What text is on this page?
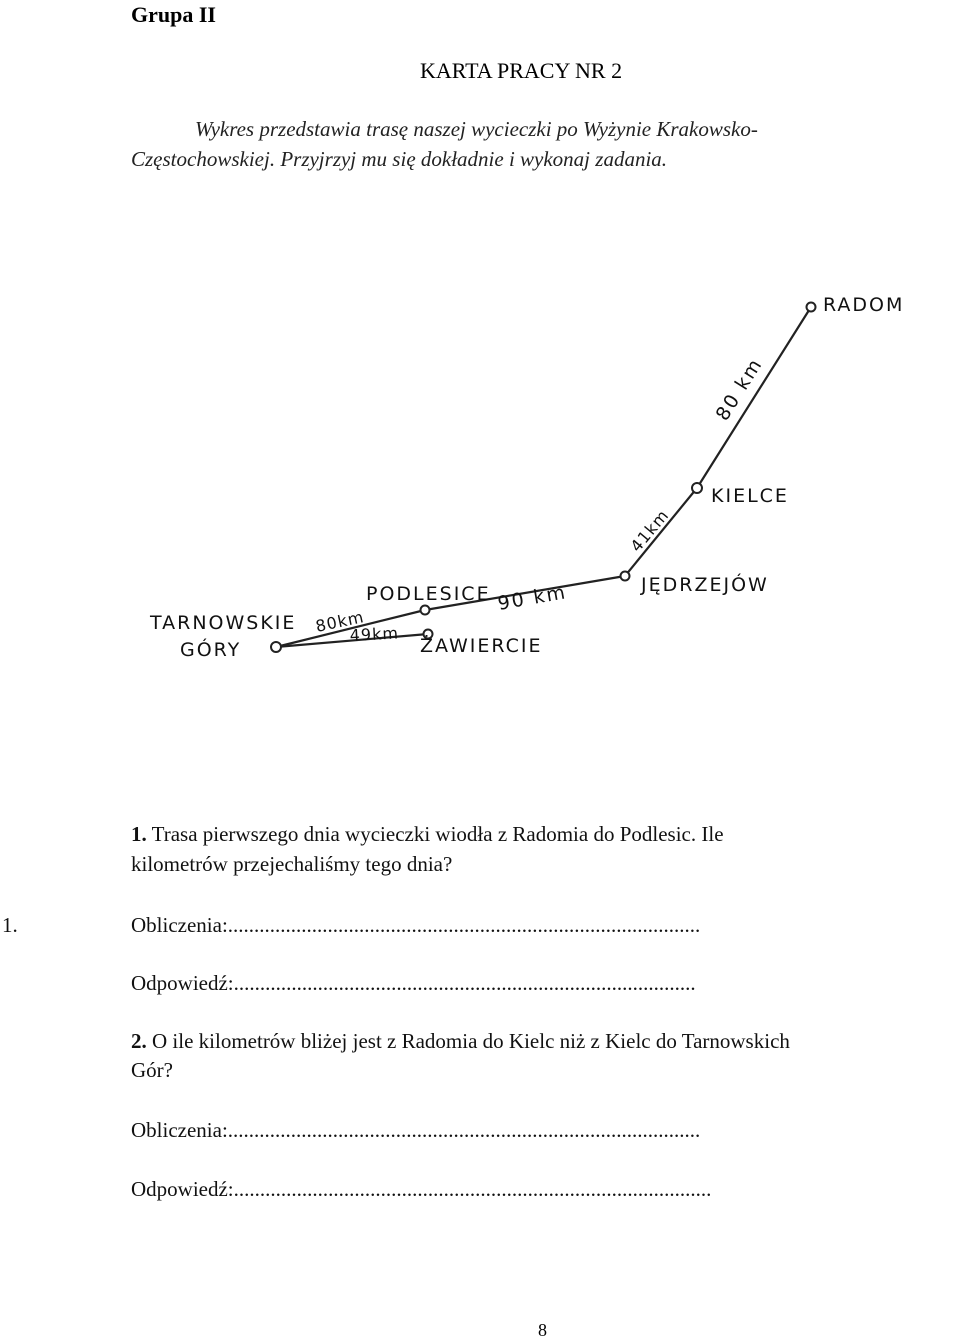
Grupa II

KARTA PRACY NR 2

Wykres przedstawia trasę naszej wycieczki po Wyżynie Krakowsko-

Częstochowskiej. Przyjrzyj mu się dokładnie i wykonaj zadania.

RADOM
KIELCE
JĘDRZEJÓW
PODLESICE
ŻAWIERCIE
TARNOWSKIE
GÓRY
80 km
41km
90 km
80km
49km

1. Trasa pierwszego dnia wycieczki wiodła z Radomia do Podlesic. Ile

kilometrów przejechaliśmy tego dnia?

1.	Obliczenia:..........................................................................................

Odpowiedź:........................................................................................

2. O ile kilometrów bliżej jest z Radomia do Kielc niż z Kielc do Tarnowskich

Gór?

Obliczenia:..........................................................................................

Odpowiedź:...........................................................................................

8
